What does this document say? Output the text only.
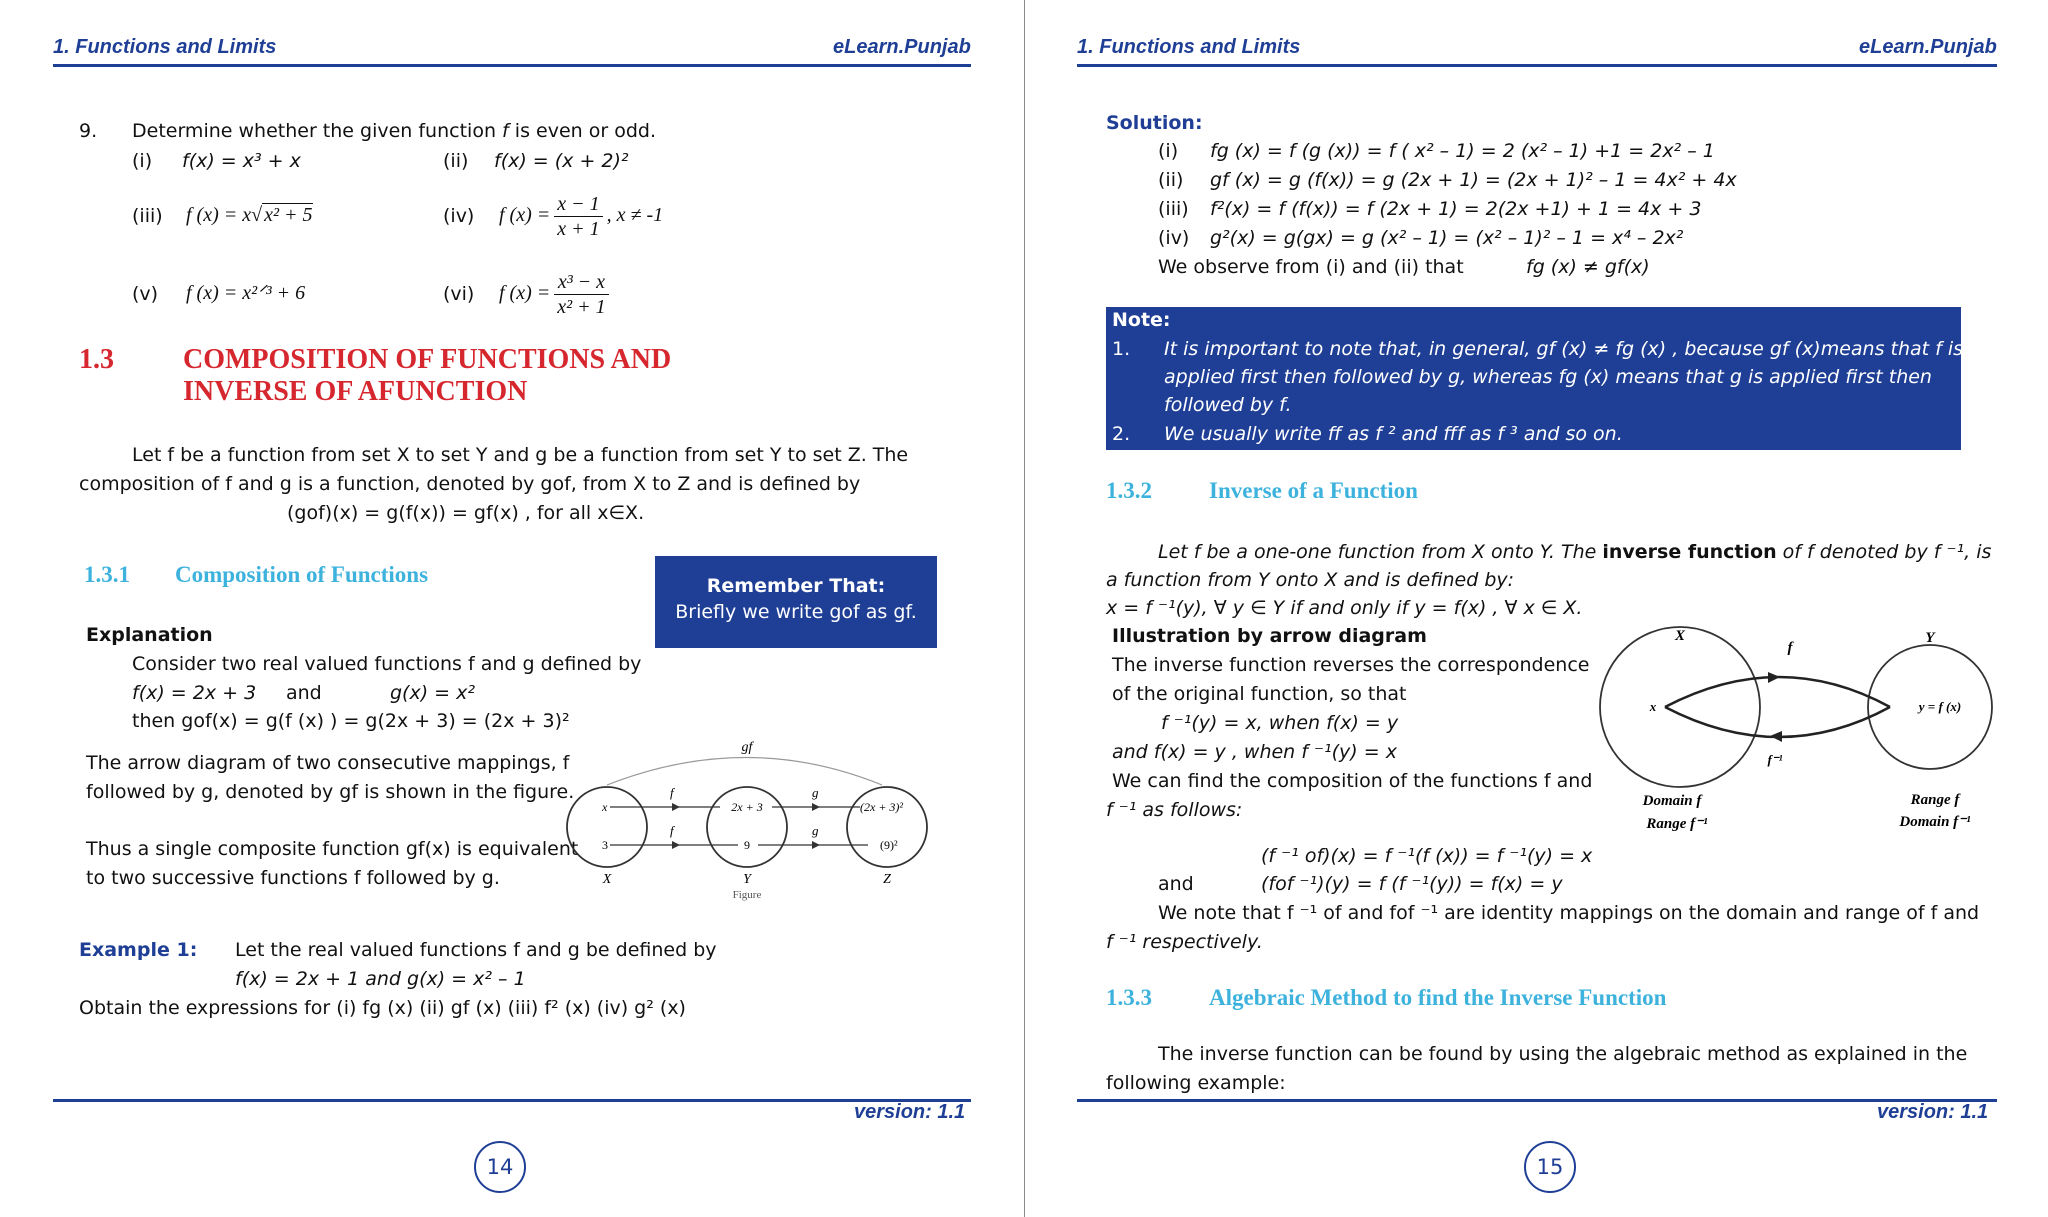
1. Functions and Limits	eLearn.Punjab
9. Determine whether the given function f is even or odd.
(i) f(x) = x³ + x	(ii) f(x) = (x + 2)²
(iii) f (x) = x√ x² + 5	(iv) f $(x) = \frac{x - 1}{x + 1}$ , x ≠ -1
(v) f (x) = x²ᐟ³ + 6	(vi) f $(x) = \frac{\text{x³ − x}}{\text{x² + 1}}$
1.3 COMPOSITION OF FUNCTIONS AND
INVERSE OF AFUNCTION
Let f be a function from set X to set Y and g be a function from set Y to set Z. The
composition of f and g is a function, denoted by gof, from X to Z and is defined by
(gof)(x) = g(f(x)) = gf(x) , for all x∈X.
1.3.1 Composition of Functions	Remember That:
Briefly we write gof as gf.
Explanation
Consider two real valued functions f and g defined by
f(x) = 2x + 3 and	g(x) = x²
then gof(x) = g(f (x) ) = g(2x + 3) = (2x + 3)²
The arrow diagram of two consecutive mappings, f
followed by g, denoted by gf is shown in the figure.
Thus a single composite function gf(x) is equivalent
to two successive functions f followed by g.
gf
f	g
f	g
x
3
2x + 3
9
(2x + 3)²
(9)²
X	Y	Z
Figure
Example 1: Let the real valued functions f and g be defined by
f(x) = 2x + 1 and g(x) = x² – 1
Obtain the expressions for (i) fg (x) (ii) gf (x) (iii) f² (x) (iv) g² (x)
version: 1.1
14
1. Functions and Limits	eLearn.Punjab
Solution:
(i) fg (x) = f (g (x)) = f ( x² – 1) = 2 (x² – 1) +1 = 2x² – 1
(ii) gf (x) = g (f(x)) = g (2x + 1) = (2x + 1)² – 1 = 4x² + 4x
(iii) f²(x) = f (f(x)) = f (2x + 1) = 2(2x +1) + 1 = 4x + 3
(iv) g²(x) = g(gx) = g (x² – 1) = (x² – 1)² – 1 = x⁴ – 2x²
We observe from (i) and (ii) that	fg (x) ≠ gf(x)
Note:
1. It is important to note that, in general, gf (x) ≠ fg (x) , because gf (x)means that f is
applied first then followed by g, whereas fg (x) means that g is applied first then
followed by f.
2. We usually write ff as f ² and fff as f ³ and so on.
1.3.2 Inverse of a Function
Let f be a one-one function from X onto Y. The inverse function of f denoted by f ⁻¹, is
a function from Y onto X and is defined by:
x = f ⁻¹(y), ∀ y ∈ Y if and only if y = f(x) , ∀ x ∈ X.
Illustration by arrow diagram
The inverse function reverses the correspondence
of the original function, so that
f ⁻¹(y) = x, when f(x) = y
and f(x) = y , when f ⁻¹(y) = x
We can find the composition of the functions f and
f ⁻¹ as follows:
X	Y
f
f⁻¹
x	y = f (x)
Domain f
Range f⁻¹
Range f
Domain f⁻¹
(f ⁻¹ of)(x) = f ⁻¹(f (x)) = f ⁻¹(y) = x
and	(fof ⁻¹)(y) = f (f ⁻¹(y)) = f(x) = y
We note that f ⁻¹ of and fof ⁻¹ are identity mappings on the domain and range of f and
f ⁻¹ respectively.
1.3.3 Algebraic Method to find the Inverse Function
The inverse function can be found by using the algebraic method as explained in the
following example:
version: 1.1
15
